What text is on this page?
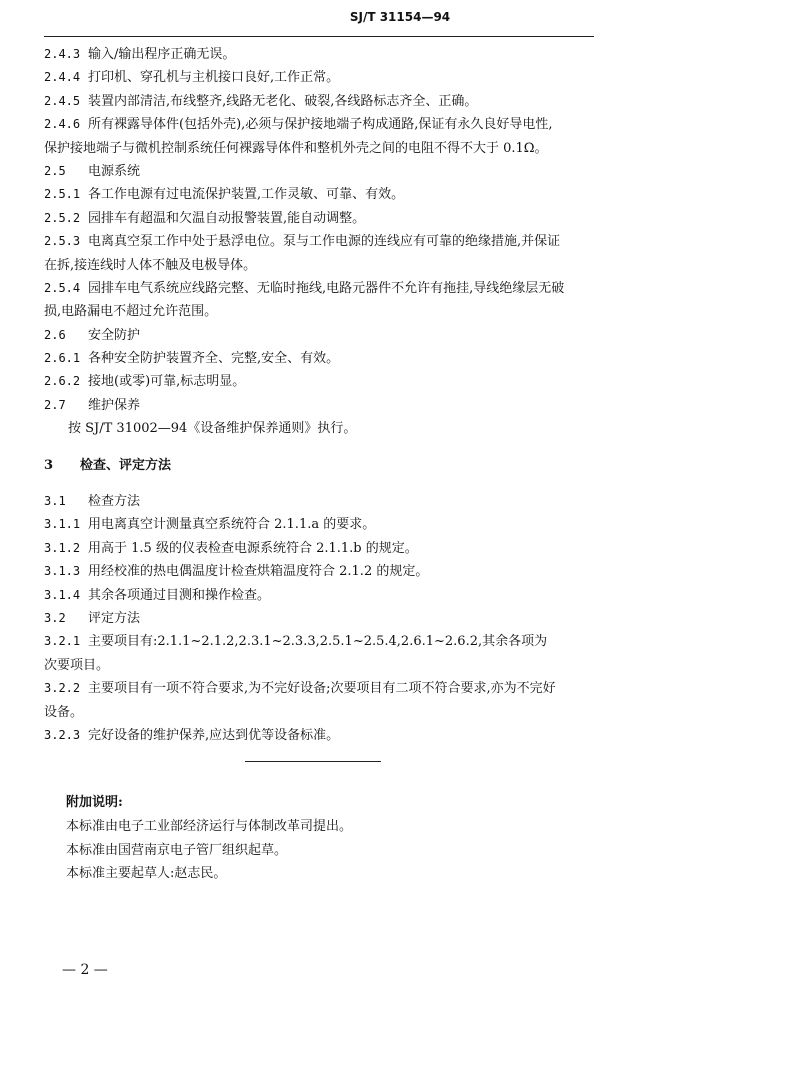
SJ/T 31154—94
2.4.3 输入/输出程序正确无误。
2.4.4 打印机、穿孔机与主机接口良好,工作正常。
2.4.5 装置内部清洁,布线整齐,线路无老化、破裂,各线路标志齐全、正确。
2.4.6 所有裸露导体件(包括外壳),必须与保护接地端子构成通路,保证有永久良好导电性,
保护接地端子与微机控制系统任何裸露导体件和整机外壳之间的电阻不得不大于 0.1Ω。
2.5	电源系统
2.5.1 各工作电源有过电流保护装置,工作灵敏、可靠、有效。
2.5.2 园排车有超温和欠温自动报警装置,能自动调整。
2.5.3 电离真空泵工作中处于悬浮电位。泵与工作电源的连线应有可靠的绝缘措施,并保证
在拆,接连线时人体不触及电极导体。
2.5.4 园排车电气系统应线路完整、无临时拖线,电路元器件不允许有拖挂,导线绝缘层无破
损,电路漏电不超过允许范围。
2.6	安全防护
2.6.1 各种安全防护装置齐全、完整,安全、有效。
2.6.2 接地(或零)可靠,标志明显。
2.7	维护保养
按 SJ/T 31002—94《设备维护保养通则》执行。
3 检查、评定方法
3.1	检查方法
3.1.1 用电离真空计测量真空系统符合 2.1.1.a 的要求。
3.1.2 用高于 1.5 级的仪表检查电源系统符合 2.1.1.b 的规定。
3.1.3 用经校准的热电偶温度计检查烘箱温度符合 2.1.2 的规定。
3.1.4 其余各项通过目测和操作检查。
3.2	评定方法
3.2.1 主要项目有:2.1.1~2.1.2,2.3.1~2.3.3,2.5.1~2.5.4,2.6.1~2.6.2,其余各项为
次要项目。
3.2.2 主要项目有一项不符合要求,为不完好设备;次要项目有二项不符合要求,亦为不完好
设备。
3.2.3 完好设备的维护保养,应达到优等设备标准。
附加说明:
本标准由电子工业部经济运行与体制改革司提出。
本标准由国营南京电子管厂组织起草。
本标准主要起草人:赵志民。
— 2 —
